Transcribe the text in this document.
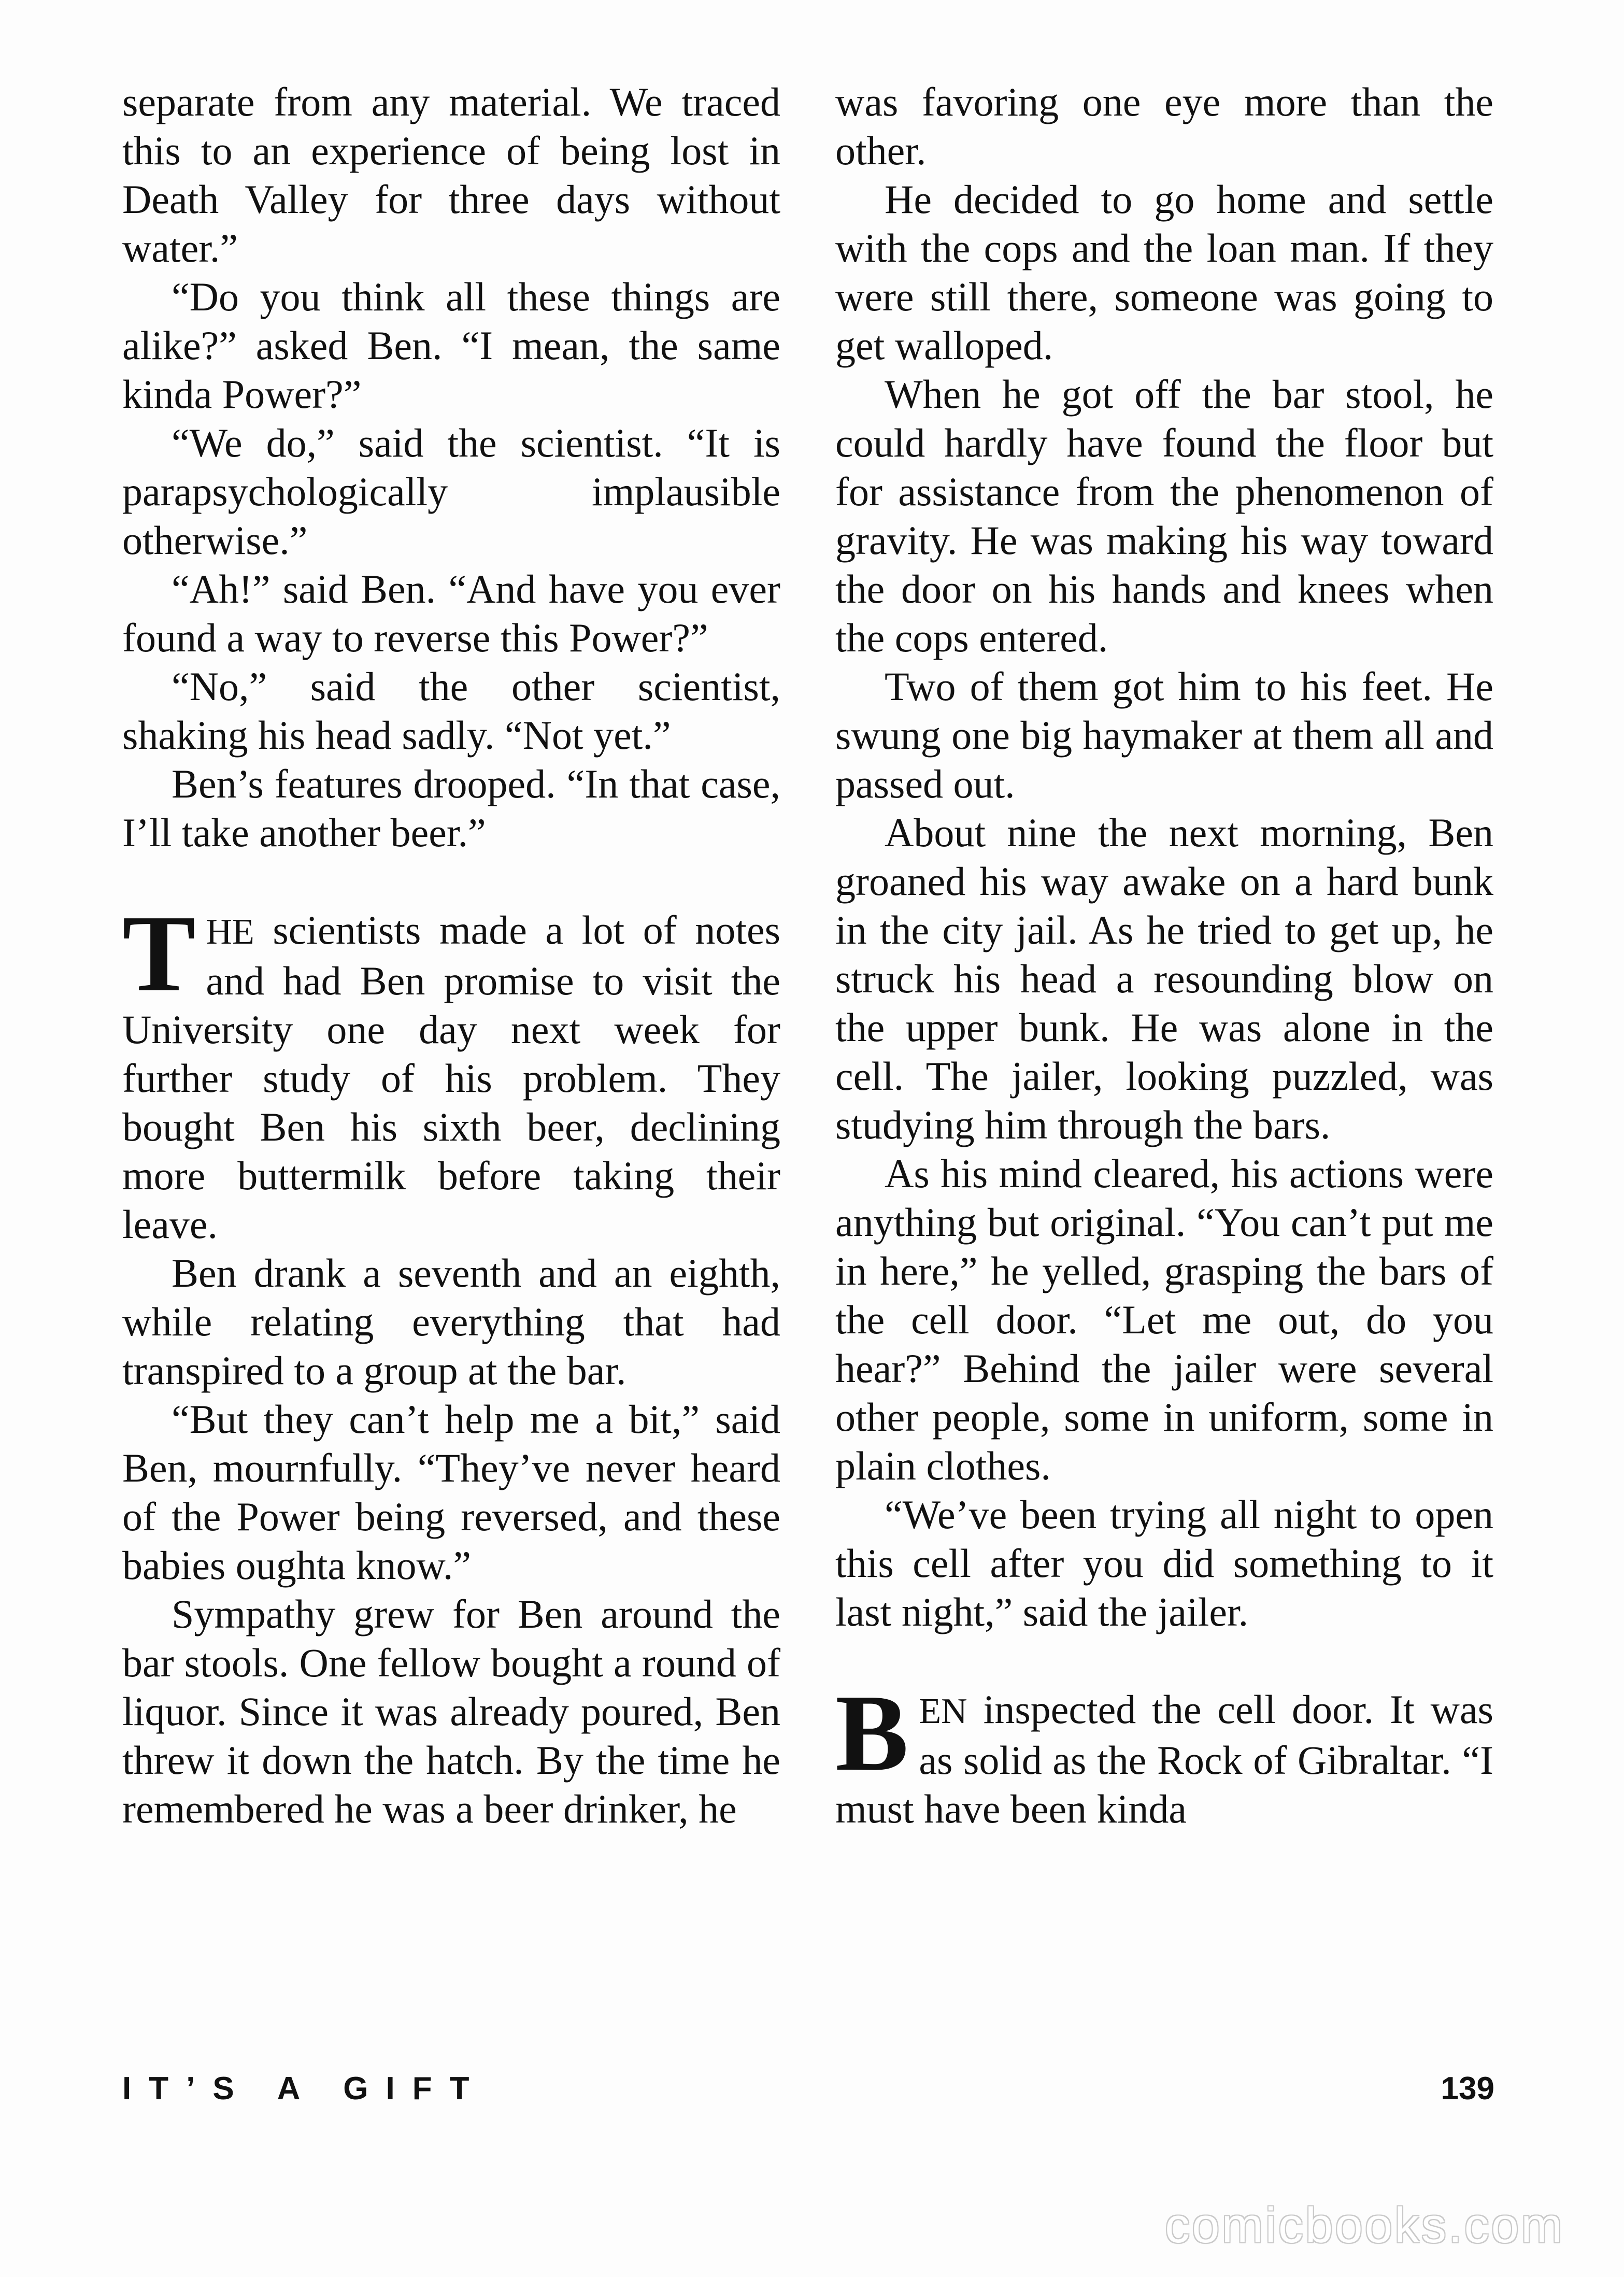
separate from any material. We traced this to an experience of being lost in Death Valley for three days without water.”

“Do you think all these things are alike?” asked Ben. “I mean, the same kinda Power?”

“We do,” said the scientist. “It is parapsychologically implausible otherwise.”

“Ah!” said Ben. “And have you ever found a way to reverse this Power?”

“No,” said the other scientist, shaking his head sadly. “Not yet.”

Ben’s features drooped. “In that case, I’ll take another beer.”

THE scientists made a lot of notes and had Ben promise to visit the University one day next week for further study of his problem. They bought Ben his sixth beer, declining more buttermilk before taking their leave.

Ben drank a seventh and an eighth, while relating everything that had transpired to a group at the bar.

“But they can’t help me a bit,” said Ben, mournfully. “They’ve never heard of the Power being reversed, and these babies oughta know.”

Sympathy grew for Ben around the bar stools. One fellow bought a round of liquor. Since it was already poured, Ben threw it down the hatch. By the time he remembered he was a beer drinker, he

was favoring one eye more than the other.

He decided to go home and settle with the cops and the loan man. If they were still there, someone was going to get walloped.

When he got off the bar stool, he could hardly have found the floor but for assistance from the phenomenon of gravity. He was making his way toward the door on his hands and knees when the cops entered.

Two of them got him to his feet. He swung one big haymaker at them all and passed out.

About nine the next morning, Ben groaned his way awake on a hard bunk in the city jail. As he tried to get up, he struck his head a resounding blow on the upper bunk. He was alone in the cell. The jailer, looking puzzled, was studying him through the bars.

As his mind cleared, his actions were anything but original. “You can’t put me in here,” he yelled, grasping the bars of the cell door. “Let me out, do you hear?” Behind the jailer were several other people, some in uniform, some in plain clothes.

“We’ve been trying all night to open this cell after you did something to it last night,” said the jailer.

BEN inspected the cell door. It was as solid as the Rock of Gibraltar. “I must have been kinda

IT’S A GIFT	139
comicbooks.com
